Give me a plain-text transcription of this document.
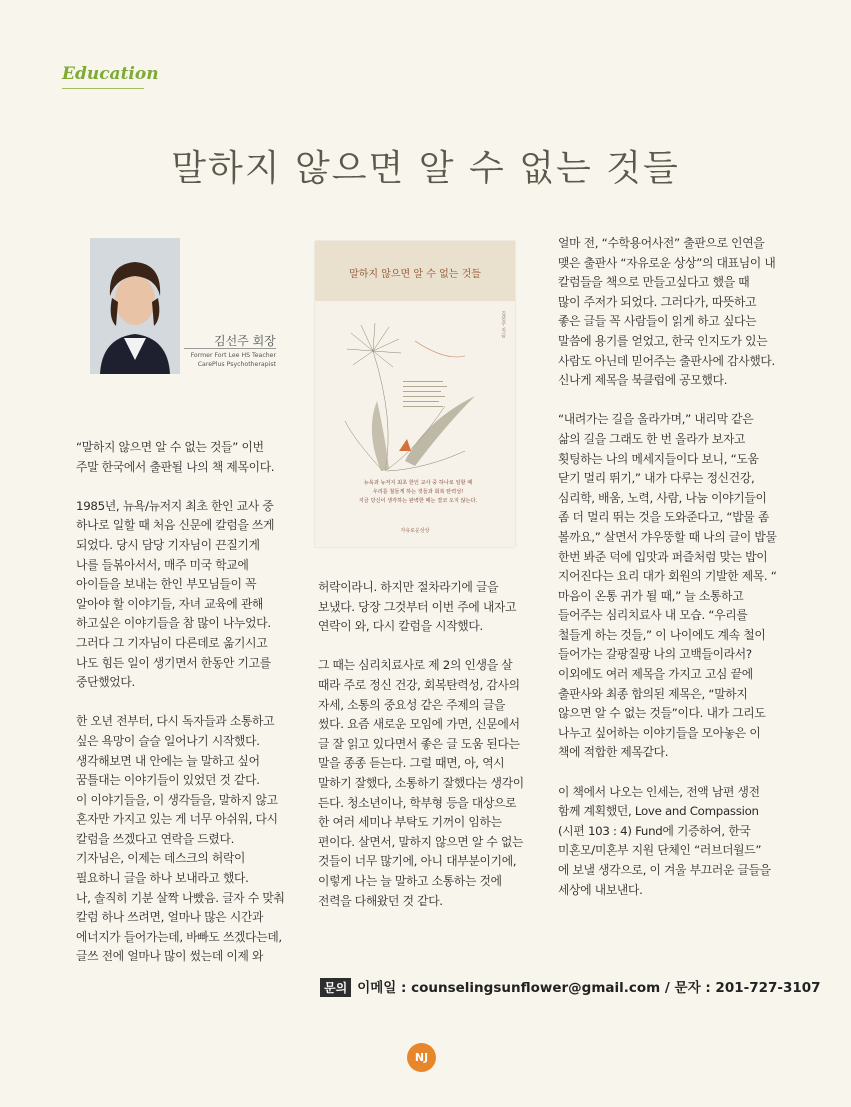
Education
말하지 않으면 알 수 없는 것들
김선주 회장
Former Fort Lee HS Teacher
CarePlus Psychotherapist
말하지 않으면 알 수 없는 것들
김선주 지음
뉴욕과 뉴저지 최초 한인 교사 중 하나로 일할 때
우리를 철들게 하는 것들과 회복 탄력성!
지금 당신이 생각하는 완벽한 때는 결코 오지 않는다.
자유로운상상

“말하지 않으면 알 수 없는 것들” 이번
주말 한국에서 출판될 나의 책 제목이다.

1985년, 뉴욕/뉴저지 최초 한인 교사 중
하나로 일할 때 처음 신문에 칼럼을 쓰게
되었다. 당시 담당 기자님이 끈질기게
나를 들볶아서서, 매주 미국 학교에
아이들을 보내는 한인 부모님들이 꼭
알아야 할 이야기들, 자녀 교육에 관해
하고싶은 이야기들을 참 많이 나누었다.
그러다 그 기자님이 다른데로 옮기시고
나도 힘든 일이 생기면서 한동안 기고를
중단했었다.

한 오년 전부터, 다시 독자들과 소통하고
싶은 욕망이 슬슬 일어나기 시작했다.
생각해보면 내 안에는 늘 말하고 싶어
꿈틀대는 이야기들이 있었던 것 같다.
이 이야기들을, 이 생각들을, 말하지 않고
혼자만 가지고 있는 게 너무 아쉬워, 다시
칼럼을 쓰겠다고 연락을 드렸다.
기자님은, 이제는 데스크의 허락이
필요하니 글을 하나 보내라고 했다.
나, 솔직히 기분 살짝 나빴음. 글자 수 맞춰
칼럼 하나 쓰려면, 얼마나 많은 시간과
에너지가 들어가는데, 바빠도 쓰겠다는데,
글쓰 전에 얼마나 많이 썼는데 이제 와

허락이라니. 하지만 절차라기에 글을
보냈다. 당장 그것부터 이번 주에 내자고
연락이 와, 다시 칼럼을 시작했다.

그 때는 심리치료사로 제 2의 인생을 살
때라 주로 정신 건강, 회복탄력성, 감사의
자세, 소통의 중요성 같은 주제의 글을
썼다. 요즘 새로운 모임에 가면, 신문에서
글 잘 읽고 있다면서 좋은 글 도움 된다는
말을 종종 듣는다. 그럴 때면, 아, 역시
말하기 잘했다, 소통하기 잘했다는 생각이
든다. 청소년이나, 학부형 등을 대상으로
한 여러 세미나 부탁도 기꺼이 임하는
편이다. 살면서, 말하지 않으면 알 수 없는
것들이 너무 많기에, 아니 대부분이기에,
이렇게 나는 늘 말하고 소통하는 것에
전력을 다해왔던 것 같다.

얼마 전, “수학용어사전” 출판으로 인연을
맺은 출판사 “자유로운 상상”의 대표님이 내
칼럼들을 책으로 만들고싶다고 했을 때
많이 주저가 되었다. 그러다가, 따뜻하고
좋은 글들 꼭 사람들이 읽게 하고 싶다는
말씀에 용기를 얻었고, 한국 인지도가 있는
사람도 아닌데 믿어주는 출판사에 감사했다.
신나게 제목을 북클럽에 공모했다.

“내려가는 길을 올라가며,” 내리막 같은
삶의 길을 그래도 한 번 올라가 보자고
횟팅하는 나의 메세지들이다 보니, “도움
닫기 멀리 뛰기,” 내가 다루는 정신건강,
심리학, 배움, 노력, 사람, 나눔 이야기들이
좀 더 멀리 뛰는 것을 도와준다고, “밥물 좀
볼까요,” 살면서 갸우뚱할 때 나의 글이 밥물
한번 봐준 덕에 입맛과 퍼즐처럼 맞는 밥이
지어진다는 요리 대가 회원의 기발한 제목. “
마음이 온통 귀가 될 때,” 늘 소통하고
들어주는 심리치료사 내 모습. “우리를
철들게 하는 것들,” 이 나이에도 계속 철이
들어가는 갈팡질팡 나의 고백들이라서?
이외에도 여러 제목을 가지고 고심 끝에
출판사와 최종 합의된 제목은, “말하지
않으면 알 수 없는 것들”이다. 내가 그리도
나누고 싶어하는 이야기들을 모아놓은 이
책에 적합한 제목같다.

이 책에서 나오는 인세는, 전액 남편 생전
함께 계획했던, Love and Compassion
(시편 103 : 4) Fund에 기증하여, 한국
미혼모/미혼부 지원 단체인 “러브더월드”
에 보낼 생각으로, 이 겨울 부끄러운 글들을
세상에 내보낸다.

문의 이메일 : counselingsunflower@gmail.com / 문자 : 201-727-3107
NJ
